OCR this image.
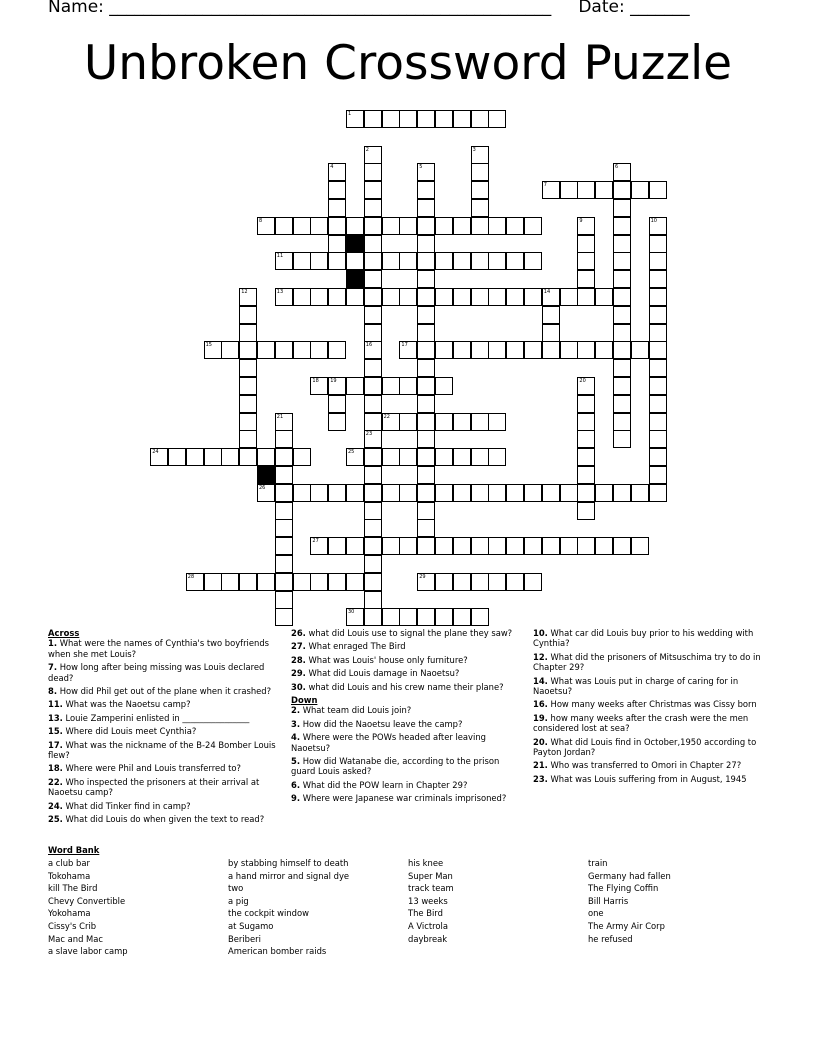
Name: ____________________________________________________ Date: _______
Unbroken Crossword Puzzle
1
7
8
11
13	14
15	17
18 19
22
24	25
26
27
28	29
30
2
16
3
4	5	6
9	10
12
23
20
21
Across
1. What were the names of Cynthia's two boyfriends when she met Louis?
7. How long after being missing was Louis declared dead?
8. How did Phil get out of the plane when it crashed?
11. What was the Naoetsu camp?
13. Louie Zamperini enlisted in ________________
15. Where did Louis meet Cynthia?
17. What was the nickname of the B-24 Bomber Louis flew?
18. Where were Phil and Louis transferred to?
22. Who inspected the prisoners at their arrival at Naoetsu camp?
24. What did Tinker find in camp?
25. What did Louis do when given the text to read?
26. what did Louis use to signal the plane they saw?
27. What enraged The Bird
28. What was Louis' house only furniture?
29. What did Louis damage in Naoetsu?
30. what did Louis and his crew name their plane?
Down
2. What team did Louis join?
3. How did the Naoetsu leave the camp?
4. Where were the POWs headed after leaving Naoetsu?
5. How did Watanabe die, according to the prison guard Louis asked?
6. What did the POW learn in Chapter 29?
9. Where were Japanese war criminals imprisoned?
10. What car did Louis buy prior to his wedding with Cynthia?
12. What did the prisoners of Mitsuschima try to do in Chapter 29?
14. What was Louis put in charge of caring for in Naoetsu?
16. How many weeks after Christmas was Cissy born
19. how many weeks after the crash were the men considered lost at sea?
20. What did Louis find in October,1950 according to Payton Jordan?
21. Who was transferred to Omori in Chapter 27?
23. What was Louis suffering from in August, 1945
Word Bank
a club bar
Tokohama
kill The Bird
Chevy Convertible
Yokohama
Cissy's Crib
Mac and Mac
a slave labor camp
by stabbing himself to death
a hand mirror and signal dye
two
a pig
the cockpit window
at Sugamo
Beriberi
American bomber raids
his knee
Super Man
track team
13 weeks
The Bird
A Victrola
daybreak
train
Germany had fallen
The Flying Coffin
Bill Harris
one
The Army Air Corp
he refused
